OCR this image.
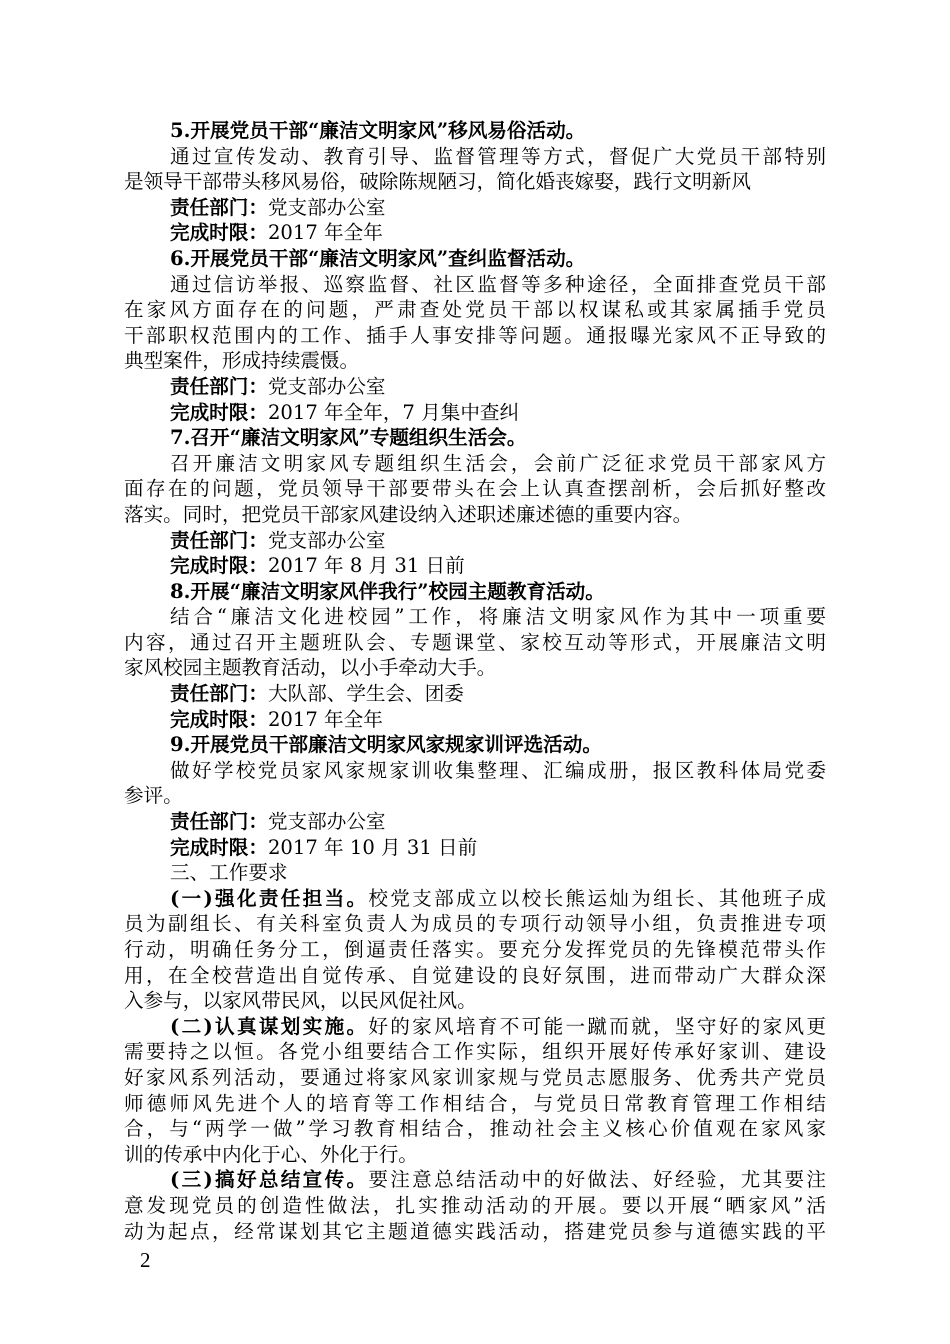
5.开展党员干部“廉洁文明家风”移风易俗活动。
通过宣传发动、教育引导、监督管理等方式，督促广大党员干部特别
是领导干部带头移风易俗，破除陈规陋习，简化婚丧嫁娶，践行文明新风
责任部门：党支部办公室
完成时限：2017 年全年
6.开展党员干部“廉洁文明家风”查纠监督活动。
通过信访举报、巡察监督、社区监督等多种途径，全面排查党员干部
在家风方面存在的问题，严肃查处党员干部以权谋私或其家属插手党员
干部职权范围内的工作、插手人事安排等问题。通报曝光家风不正导致的
典型案件，形成持续震慑。
责任部门：党支部办公室
完成时限：2017 年全年，7 月集中查纠
7.召开“廉洁文明家风”专题组织生活会。
召开廉洁文明家风专题组织生活会，会前广泛征求党员干部家风方
面存在的问题，党员领导干部要带头在会上认真查摆剖析，会后抓好整改
落实。同时，把党员干部家风建设纳入述职述廉述德的重要内容。
责任部门：党支部办公室
完成时限：2017 年 8 月 31 日前
8.开展“廉洁文明家风伴我行”校园主题教育活动。
结合“廉洁文化进校园”工作，将廉洁文明家风作为其中一项重要
内容，通过召开主题班队会、专题课堂、家校互动等形式，开展廉洁文明
家风校园主题教育活动，以小手牵动大手。
责任部门：大队部、学生会、团委
完成时限：2017 年全年
9.开展党员干部廉洁文明家风家规家训评选活动。
做好学校党员家风家规家训收集整理、汇编成册，报区教科体局党委
参评。
责任部门：党支部办公室
完成时限：2017 年 10 月 31 日前
三、工作要求
(一)强化责任担当。校党支部成立以校长熊运灿为组长、其他班子成
员为副组长、有关科室负责人为成员的专项行动领导小组，负责推进专项
行动，明确任务分工，倒逼责任落实。要充分发挥党员的先锋模范带头作
用，在全校营造出自觉传承、自觉建设的良好氛围，进而带动广大群众深
入参与，以家风带民风，以民风促社风。
(二)认真谋划实施。好的家风培育不可能一蹴而就，坚守好的家风更
需要持之以恒。各党小组要结合工作实际，组织开展好传承好家训、建设
好家风系列活动，要通过将家风家训家规与党员志愿服务、优秀共产党员
师德师风先进个人的培育等工作相结合，与党员日常教育管理工作相结
合，与“两学一做”学习教育相结合，推动社会主义核心价值观在家风家
训的传承中内化于心、外化于行。
(三)搞好总结宣传。要注意总结活动中的好做法、好经验，尤其要注
意发现党员的创造性做法，扎实推动活动的开展。要以开展“晒家风”活
动为起点，经常谋划其它主题道德实践活动，搭建党员参与道德实践的平
2
